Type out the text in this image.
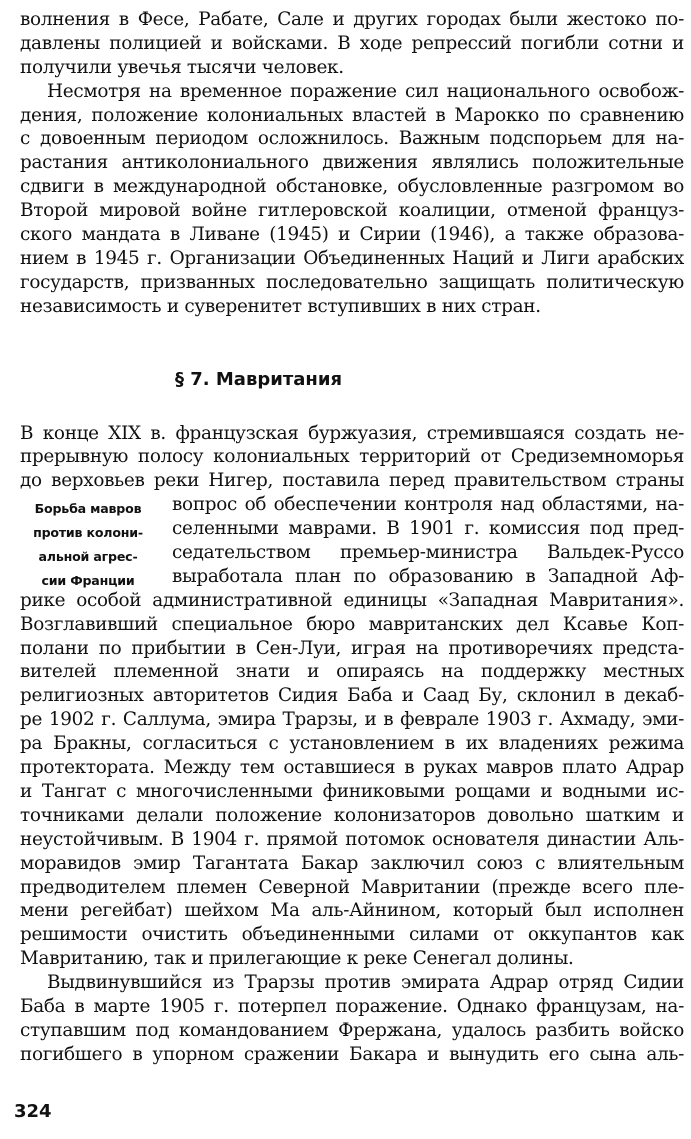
волнения в Фесе, Рабате, Сале и других городах были жестоко по-
давлены полицией и войсками. В ходе репрессий погибли сотни и
получили увечья тысячи человек.
Несмотря на временное поражение сил национального освобож-
дения, положение колониальных властей в Марокко по сравнению
с довоенным периодом осложнилось. Важным подспорьем для на-
растания антиколониального движения являлись положительные
сдвиги в международной обстановке, обусловленные разгромом во
Второй мировой войне гитлеровской коалиции, отменой француз-
ского мандата в Ливане (1945) и Сирии (1946), а также образова-
нием в 1945 г. Организации Объединенных Наций и Лиги арабских
государств, призванных последовательно защищать политическую
независимость и суверенитет вступивших в них стран.
§ 7. Мавритания
В конце XIX в. французская буржуазия, стремившаяся создать не-
прерывную полосу колониальных территорий от Средиземноморья
до верховьев реки Нигер, поставила перед правительством страны
Борьба мавров
против колони-
альной агрес-
сии Франции
вопрос об обеспечении контроля над областями, на-
селенными маврами. В 1901 г. комиссия под пред-
седательством премьер-министра Вальдек-Руссо
выработала план по образованию в Западной Аф-
рике особой административной единицы «Западная Мавритания».
Возглавивший специальное бюро мавританских дел Ксавье Коп-
полани по прибытии в Сен-Луи, играя на противоречиях предста-
вителей племенной знати и опираясь на поддержку местных
религиозных авторитетов Сидия Баба и Саад Бу, склонил в декаб-
ре 1902 г. Саллума, эмира Трарзы, и в феврале 1903 г. Ахмаду, эми-
ра Бракны, согласиться с установлением в их владениях режима
протектората. Между тем оставшиеся в руках мавров плато Адрар
и Тангат с многочисленными финиковыми рощами и водными ис-
точниками делали положение колонизаторов довольно шатким и
неустойчивым. В 1904 г. прямой потомок основателя династии Аль-
моравидов эмир Тагантата Бакар заключил союз с влиятельным
предводителем племен Северной Мавритании (прежде всего пле-
мени регейбат) шейхом Ма аль-Айнином, который был исполнен
решимости очистить объединенными силами от оккупантов как
Мавританию, так и прилегающие к реке Сенегал долины.
Выдвинувшийся из Трарзы против эмирата Адрар отряд Сидии
Баба в марте 1905 г. потерпел поражение. Однако французам, на-
ступавшим под командованием Фрержана, удалось разбить войско
погибшего в упорном сражении Бакара и вынудить его сына аль-
324
